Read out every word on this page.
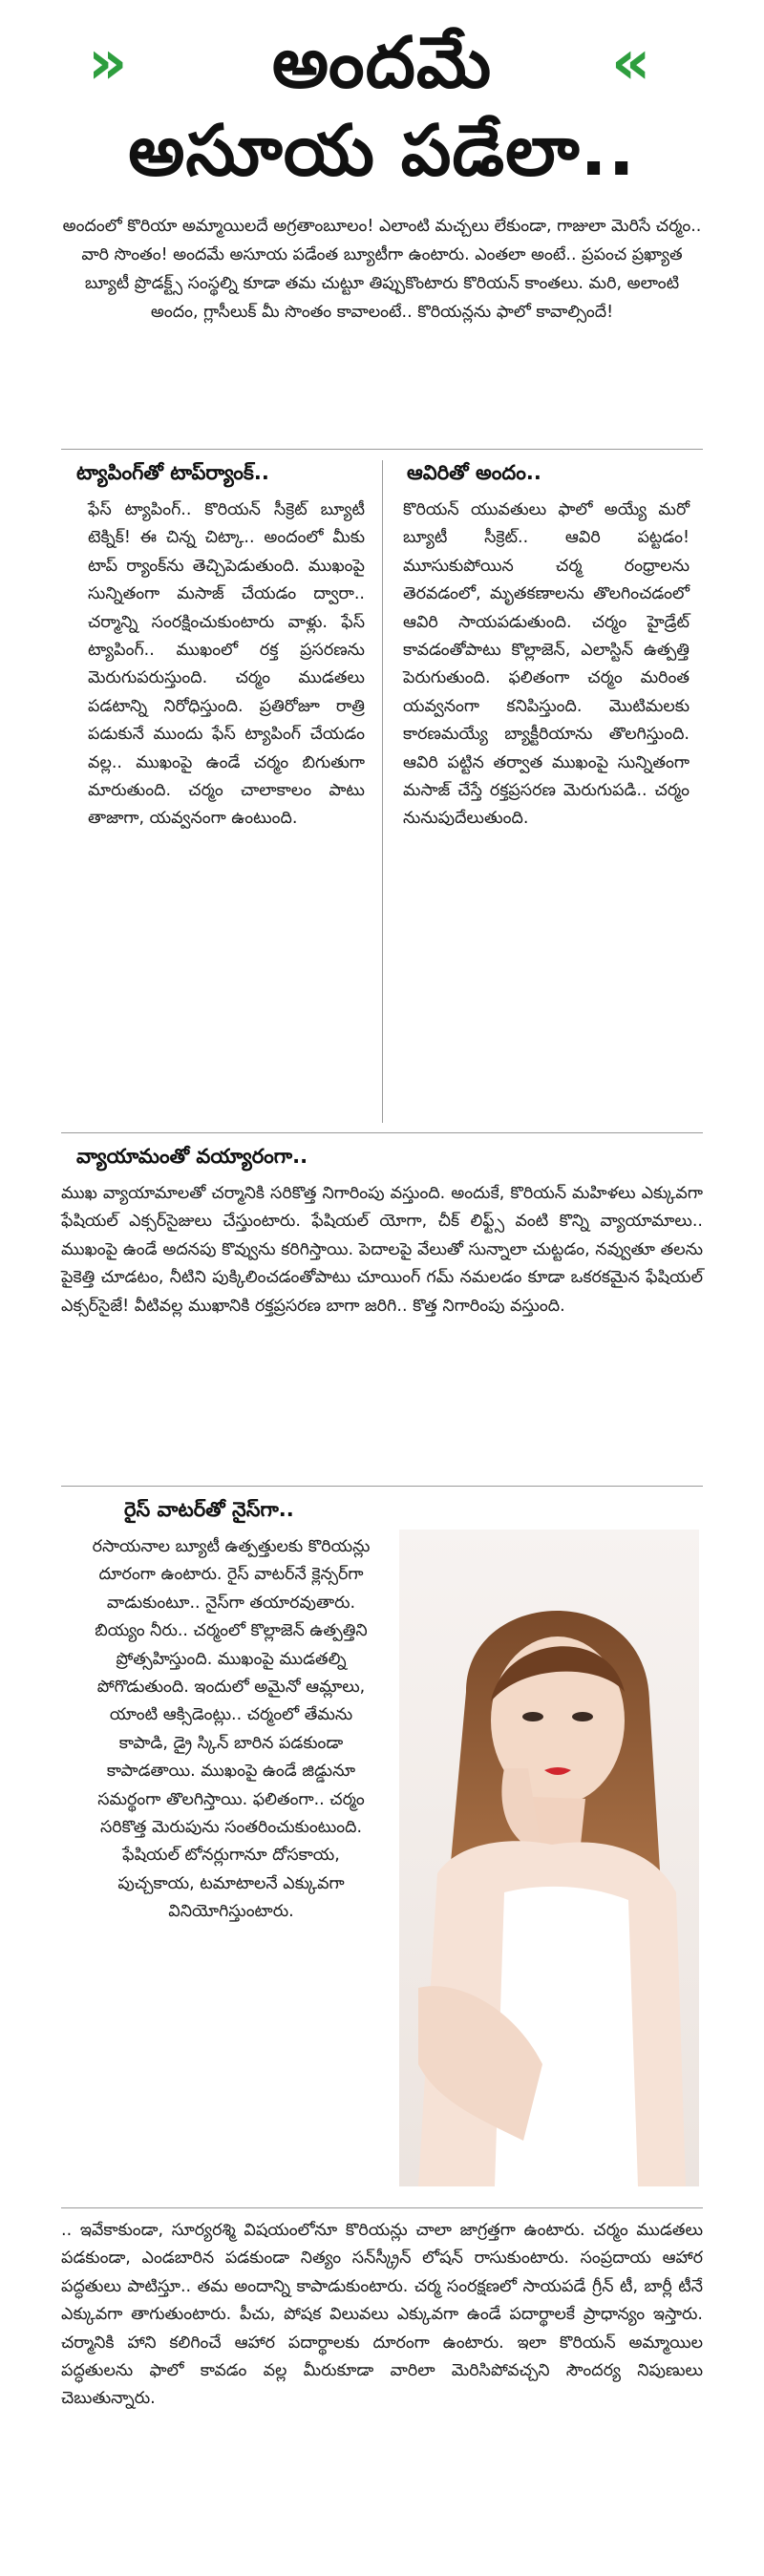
»	«
అందమే
అసూయ పడేలా..

అందంలో కొరియా అమ్మాయిలదే అగ్రతాంబూలం! ఎలాంటి మచ్చలు లేకుండా, గాజులా మెరిసే చర్మం.. వారి సొంతం! అందమే అసూయ పడేంత బ్యూటీగా ఉంటారు. ఎంతలా అంటే.. ప్రపంచ ప్రఖ్యాత బ్యూటీ ప్రొడక్ట్స్ సంస్థల్ని కూడా తమ చుట్టూ తిప్పుకొంటారు కొరియన్ కాంతలు. మరి, అలాంటి అందం, గ్లాసీలుక్ మీ సొంతం కావాలంటే.. కొరియన్లను ఫాలో కావాల్సిందే!

ట్యాపింగ్‌తో టాప్‌ర్యాంక్..

ఫేస్ ట్యాపింగ్.. కొరియన్ సీక్రెట్ బ్యూటీ టెక్నిక్! ఈ చిన్న చిట్కా.. అందంలో మీకు టాప్ ర్యాంక్‌ను తెచ్చిపెడుతుంది. ముఖంపై సున్నితంగా మసాజ్ చేయడం ద్వారా.. చర్మాన్ని సంరక్షించుకుంటారు వాళ్లు. ఫేస్ ట్యాపింగ్.. ముఖంలో రక్త ప్రసరణను మెరుగుపరుస్తుంది. చర్మం ముడతలు పడటాన్ని నిరోధిస్తుంది. ప్రతిరోజూ రాత్రి పడుకునే ముందు ఫేస్ ట్యాపింగ్ చేయడం వల్ల.. ముఖంపై ఉండే చర్మం బిగుతుగా మారుతుంది. చర్మం చాలాకాలం పాటు తాజాగా, యవ్వనంగా ఉంటుంది.

ఆవిరితో అందం..

కొరియన్ యువతులు ఫాలో అయ్యే మరో బ్యూటీ సీక్రెట్.. ఆవిరి పట్టడం! మూసుకుపోయిన చర్మ రంధ్రాలను తెరవడంలో, మృతకణాలను తొలగించడంలో ఆవిరి సాయపడుతుంది. చర్మం హైడ్రేట్ కావడంతోపాటు కొల్లాజెన్, ఎలాస్టిన్ ఉత్పత్తి పెరుగుతుంది. ఫలితంగా చర్మం మరింత యవ్వనంగా కనిపిస్తుంది. మొటిమలకు కారణమయ్యే బ్యాక్టీరియాను తొలగిస్తుంది. ఆవిరి పట్టిన తర్వాత ముఖంపై సున్నితంగా మసాజ్ చేస్తే రక్తప్రసరణ మెరుగుపడి.. చర్మం నునుపుదేలుతుంది.

వ్యాయామంతో వయ్యారంగా..

ముఖ వ్యాయామాలతో చర్మానికి సరికొత్త నిగారింపు వస్తుంది. అందుకే, కొరియన్ మహిళలు ఎక్కువగా ఫేషియల్ ఎక్సర్‌సైజులు చేస్తుంటారు. ఫేషియల్ యోగా, చీక్ లిఫ్ట్స్ వంటి కొన్ని వ్యాయామాలు.. ముఖంపై ఉండే అదనపు కొవ్వును కరిగిస్తాయి. పెదాలపై వేలుతో సున్నాలా చుట్టడం, నవ్వుతూ తలను పైకెత్తి చూడటం, నీటిని పుక్కిలించడంతోపాటు చూయింగ్ గమ్ నమలడం కూడా ఒకరకమైన ఫేషియల్ ఎక్సర్‌సైజే! వీటివల్ల ముఖానికి రక్తప్రసరణ బాగా జరిగి.. కొత్త నిగారింపు వస్తుంది.

రైస్ వాటర్‌తో నైస్‌గా..

రసాయనాల బ్యూటీ ఉత్పత్తులకు కొరియన్లు దూరంగా ఉంటారు. రైస్ వాటర్‌నే క్లెన్సర్‌గా వాడుకుంటూ.. నైస్‌గా తయారవుతారు. బియ్యం నీరు.. చర్మంలో కొల్లాజెన్ ఉత్పత్తిని ప్రోత్సహిస్తుంది. ముఖంపై ముడతల్ని పోగొడుతుంది. ఇందులో అమైనో ఆమ్లాలు, యాంటి ఆక్సిడెంట్లు.. చర్మంలో తేమను కాపాడి, డ్రై స్కిన్ బారిన పడకుండా కాపాడతాయి. ముఖంపై ఉండే జిడ్డునూ సమర్థంగా తొలగిస్తాయి. ఫలితంగా.. చర్మం సరికొత్త మెరుపును సంతరించుకుంటుంది. ఫేషియల్ టోనర్లుగానూ దోసకాయ, పుచ్చకాయ, టమాటాలనే ఎక్కువగా వినియోగిస్తుంటారు.

.. ఇవేకాకుండా, సూర్యరశ్మి విషయంలోనూ కొరియన్లు చాలా జాగ్రత్తగా ఉంటారు. చర్మం ముడతలు పడకుండా, ఎండబారిన పడకుండా నిత్యం సన్‌స్క్రీన్ లోషన్ రాసుకుంటారు. సంప్రదాయ ఆహార పద్ధతులు పాటిస్తూ.. తమ అందాన్ని కాపాడుకుంటారు. చర్మ సంరక్షణలో సాయపడే గ్రీన్ టీ, బార్లీ టీనే ఎక్కువగా తాగుతుంటారు. పీచు, పోషక విలువలు ఎక్కువగా ఉండే పదార్థాలకే ప్రాధాన్యం ఇస్తారు. చర్మానికి హాని కలిగించే ఆహార పదార్థాలకు దూరంగా ఉంటారు. ఇలా కొరియన్ అమ్మాయిల పద్ధతులను ఫాలో కావడం వల్ల మీరుకూడా వారిలా మెరిసిపోవచ్చని సౌందర్య నిపుణులు చెబుతున్నారు.
